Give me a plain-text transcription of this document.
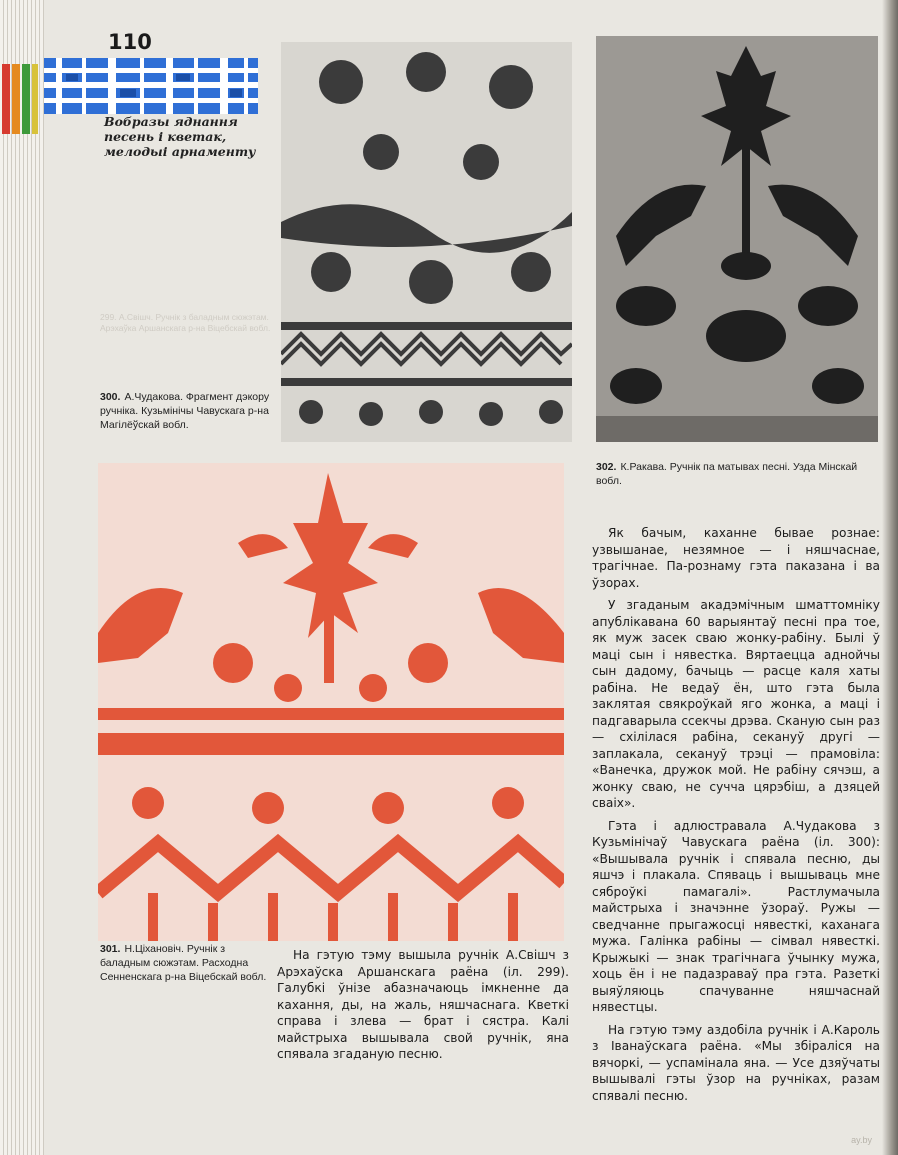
110
Вобразы яднання песень і кветак, мелодыі арнаменту
299. А.Свішч. Ручнік з баладным сюжэтам. Арэхаўка Аршанскага р-на Віцебскай вобл.
300. А.Чудакова. Фрагмент дэкору ручніка. Кузьмінічы Чавускага р-на Магілёўскай вобл.
301. Н.Ціхановіч. Ручнік з баладным сюжэтам. Расходна Сенненскага р-на Віцебскай вобл.
302. К.Ракава. Ручнік па матывах песні. Узда Мінскай вобл.

На гэтую тэму вышыла ручнік А.Свішч з Арэхаўска Аршанскага раёна (іл. 299). Галубкі ўнізе абазначаюць імкненне да кахання, ды, на жаль, няшчаснага. Кветкі справа і злева — брат і сястра. Калі майстрыха вышывала свой ручнік, яна спявала згаданую песню.

Як бачым, каханне бывае рознае: узвышанае, незямное — і няшчаснае, трагічнае. Па-рознаму гэта паказана і ва ўзорах.

У згаданым акадэмічным шматтомніку апублікавана 60 варыянтаў песні пра тое, як муж засек сваю жонку-рабіну. Былі ў маці сын і нявестка. Вяртаецца аднойчы сын дадому, бачыць — расце каля хаты рабіна. Не ведаў ён, што гэта была заклятая свякроўкай яго жонка, а маці і падгаварыла ссекчы дрэва. Сканую сын раз — схілілася рабіна, секануў другі — заплакала, секануў трэці — прамовіла: «Ванечка, дружок мой. Не рабіну сячэш, а жонку сваю, не сучча цярэбіш, а дзяцей сваіх».

Гэта і адлюстравала А.Чудакова з Кузьмінічаў Чавускага раёна (іл. 300): «Вышывала ручнік і спявала песню, ды яшчэ і плакала. Спяваць і вышываць мне сяброўкі памагалі». Растлумачыла майстрыха і значэнне ўзораў. Ружы — сведчанне прыгажосці нявесткі, каханага мужа. Галінка рабіны — сімвал нявесткі. Крыжыкі — знак трагічнага ўчынку мужа, хоць ён і не падазраваў пра гэта. Разеткі выяўляюць спачуванне няшчаснай нявестцы.

На гэтую тэму аздобіла ручнік і А.Кароль з Іванаўскага раёна. «Мы збіраліся на вячоркі, — успамінала яна. — Усе дзяўчаты вышывалі гэты ўзор на ручніках, разам спявалі песню.

ay.by
